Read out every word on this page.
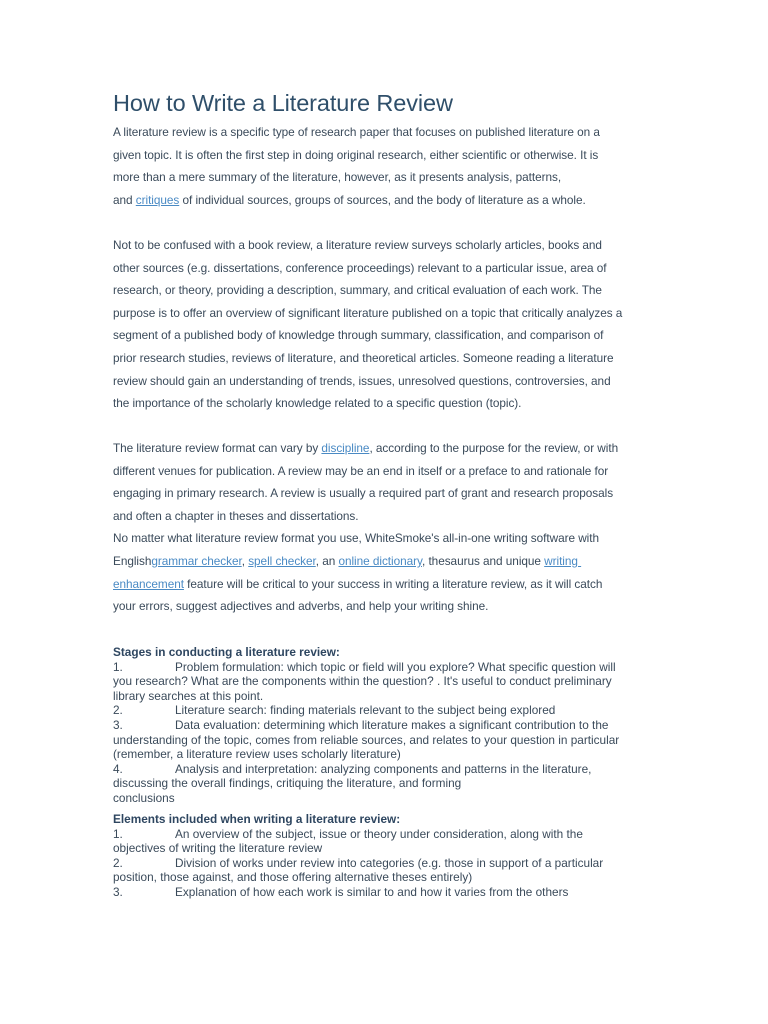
How to Write a Literature Review
A literature review is a specific type of research paper that focuses on published literature on a
given topic. It is often the first step in doing original research, either scientific or otherwise. It is
more than a mere summary of the literature, however, as it presents analysis, patterns,
and critiques of individual sources, groups of sources, and the body of literature as a whole.
Not to be confused with a book review, a literature review surveys scholarly articles, books and
other sources (e.g. dissertations, conference proceedings) relevant to a particular issue, area of
research, or theory, providing a description, summary, and critical evaluation of each work. The
purpose is to offer an overview of significant literature published on a topic that critically analyzes a
segment of a published body of knowledge through summary, classification, and comparison of
prior research studies, reviews of literature, and theoretical articles. Someone reading a literature
review should gain an understanding of trends, issues, unresolved questions, controversies, and
the importance of the scholarly knowledge related to a specific question (topic).
The literature review format can vary by discipline, according to the purpose for the review, or with
different venues for publication. A review may be an end in itself or a preface to and rationale for
engaging in primary research. A review is usually a required part of grant and research proposals
and often a chapter in theses and dissertations.
No matter what literature review format you use, WhiteSmoke's all-in-one writing software with
Englishgrammar checker, spell checker, an online dictionary, thesaurus and unique writing
enhancement feature will be critical to your success in writing a literature review, as it will catch
your errors, suggest adjectives and adverbs, and help your writing shine.
Stages in conducting a literature review:
1.	Problem formulation: which topic or field will you explore? What specific question will
you research? What are the components within the question? . It's useful to conduct preliminary
library searches at this point.
2.	Literature search: finding materials relevant to the subject being explored
3.	Data evaluation: determining which literature makes a significant contribution to the
understanding of the topic, comes from reliable sources, and relates to your question in particular
(remember, a literature review uses scholarly literature)
4.	Analysis and interpretation: analyzing components and patterns in the literature,
discussing the overall findings, critiquing the literature, and forming
conclusions
Elements included when writing a literature review:
1.	An overview of the subject, issue or theory under consideration, along with the
objectives of writing the literature review
2.	Division of works under review into categories (e.g. those in support of a particular
position, those against, and those offering alternative theses entirely)
3.	Explanation of how each work is similar to and how it varies from the others
